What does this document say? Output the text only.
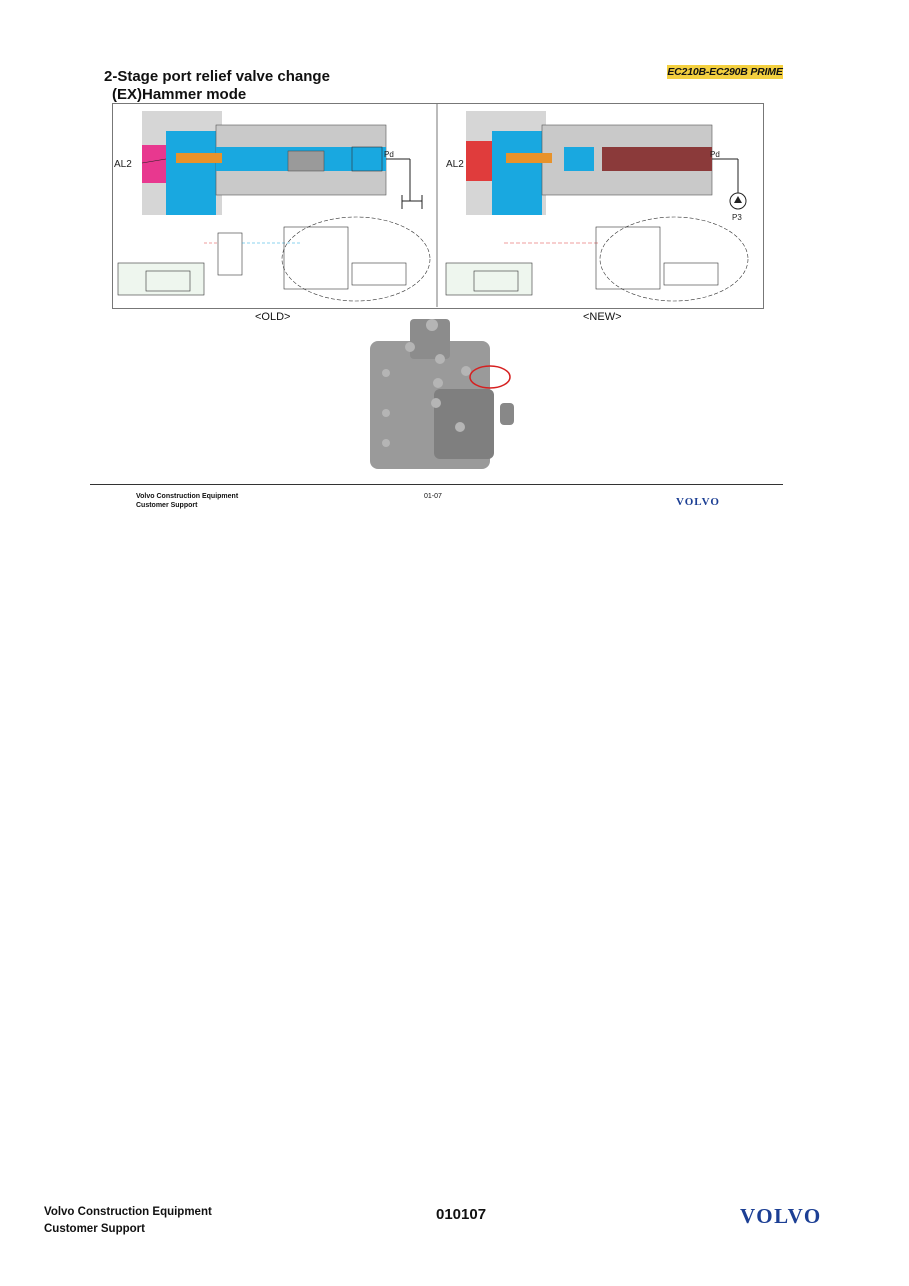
2-Stage port relief valve change
(EX)Hammer mode
EC210B-EC290B PRIME
AL2
Pd
AL2
Pd
P3
<OLD>	<NEW>
Volvo Construction Equipment
Customer Support
01-07	VOLVO
Volvo Construction Equipment
Customer Support
010107	VOLVO
